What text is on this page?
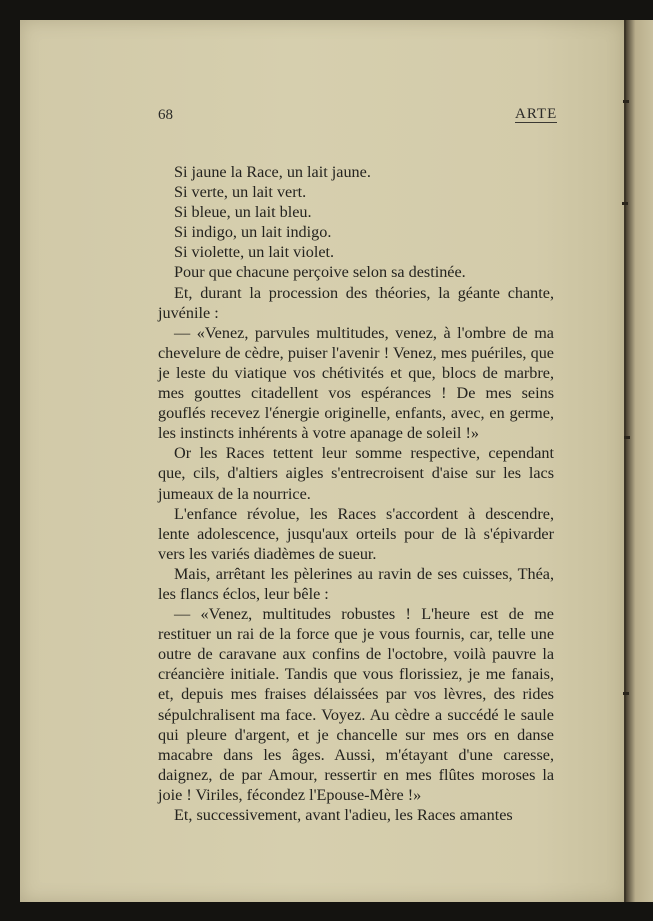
68	ARTE

Si jaune la Race, un lait jaune.

Si verte, un lait vert.

Si bleue, un lait bleu.

Si indigo, un lait indigo.

Si violette, un lait violet.

Pour que chacune perçoive selon sa destinée.

Et, durant la procession des théories, la géante chante, juvénile :

— «Venez, parvules multitudes, venez, à l'ombre de ma chevelure de cèdre, puiser l'avenir ! Venez, mes puériles, que je leste du viatique vos chétivités et que, blocs de marbre, mes gouttes citadellent vos espérances ! De mes seins gouflés recevez l'énergie originelle, enfants, avec, en germe, les instincts inhérents à votre apanage de soleil !»

Or les Races tettent leur somme respective, cependant que, cils, d'altiers aigles s'entrecroisent d'aise sur les lacs jumeaux de la nourrice.

L'enfance révolue, les Races s'accordent à descendre, lente adolescence, jusqu'aux orteils pour de là s'épivarder vers les variés diadèmes de sueur.

Mais, arrêtant les pèlerines au ravin de ses cuisses, Théa, les flancs éclos, leur bêle :

— «Venez, multitudes robustes ! L'heure est de me restituer un rai de la force que je vous fournis, car, telle une outre de caravane aux confins de l'octobre, voilà pauvre la créancière initiale. Tandis que vous florissiez, je me fanais, et, depuis mes fraises délaissées par vos lèvres, des rides sépulchralisent ma face. Voyez. Au cèdre a succédé le saule qui pleure d'argent, et je chancelle sur mes ors en danse macabre dans les âges. Aussi, m'étayant d'une caresse, daignez, de par Amour, ressertir en mes flûtes moroses la joie ! Viriles, fécondez l'Epouse-Mère !»

Et, successivement, avant l'adieu, les Races amantes
